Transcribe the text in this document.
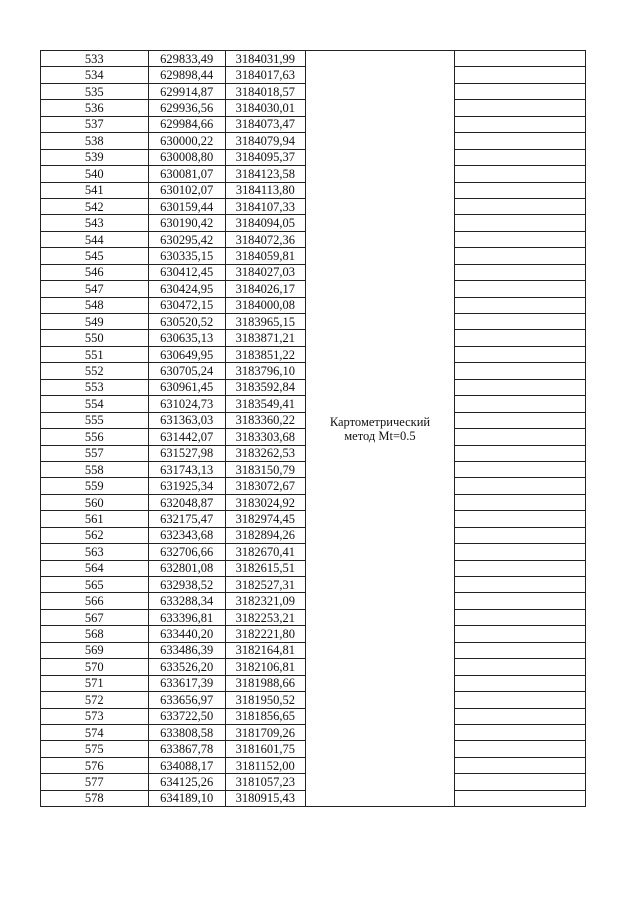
533	629833,49	3184031,99	Картометрический
метод Mt=0.5	

534	629898,44	3184017,63		
535	629914,87	3184018,57		
536	629936,56	3184030,01		
537	629984,66	3184073,47		
538	630000,22	3184079,94		
539	630008,80	3184095,37		
540	630081,07	3184123,58		
541	630102,07	3184113,80		
542	630159,44	3184107,33		
543	630190,42	3184094,05		
544	630295,42	3184072,36		
545	630335,15	3184059,81		
546	630412,45	3184027,03		
547	630424,95	3184026,17		
548	630472,15	3184000,08		
549	630520,52	3183965,15		
550	630635,13	3183871,21		
551	630649,95	3183851,22		
552	630705,24	3183796,10		
553	630961,45	3183592,84		
554	631024,73	3183549,41		
555	631363,03	3183360,22		
556	631442,07	3183303,68		
557	631527,98	3183262,53		
558	631743,13	3183150,79		
559	631925,34	3183072,67		
560	632048,87	3183024,92		
561	632175,47	3182974,45		
562	632343,68	3182894,26		
563	632706,66	3182670,41		
564	632801,08	3182615,51		
565	632938,52	3182527,31		
566	633288,34	3182321,09		
567	633396,81	3182253,21		
568	633440,20	3182221,80		
569	633486,39	3182164,81		
570	633526,20	3182106,81		
571	633617,39	3181988,66		
572	633656,97	3181950,52		
573	633722,50	3181856,65		
574	633808,58	3181709,26		
575	633867,78	3181601,75		
576	634088,17	3181152,00		
577	634125,26	3181057,23		
578	634189,10	3180915,43		
